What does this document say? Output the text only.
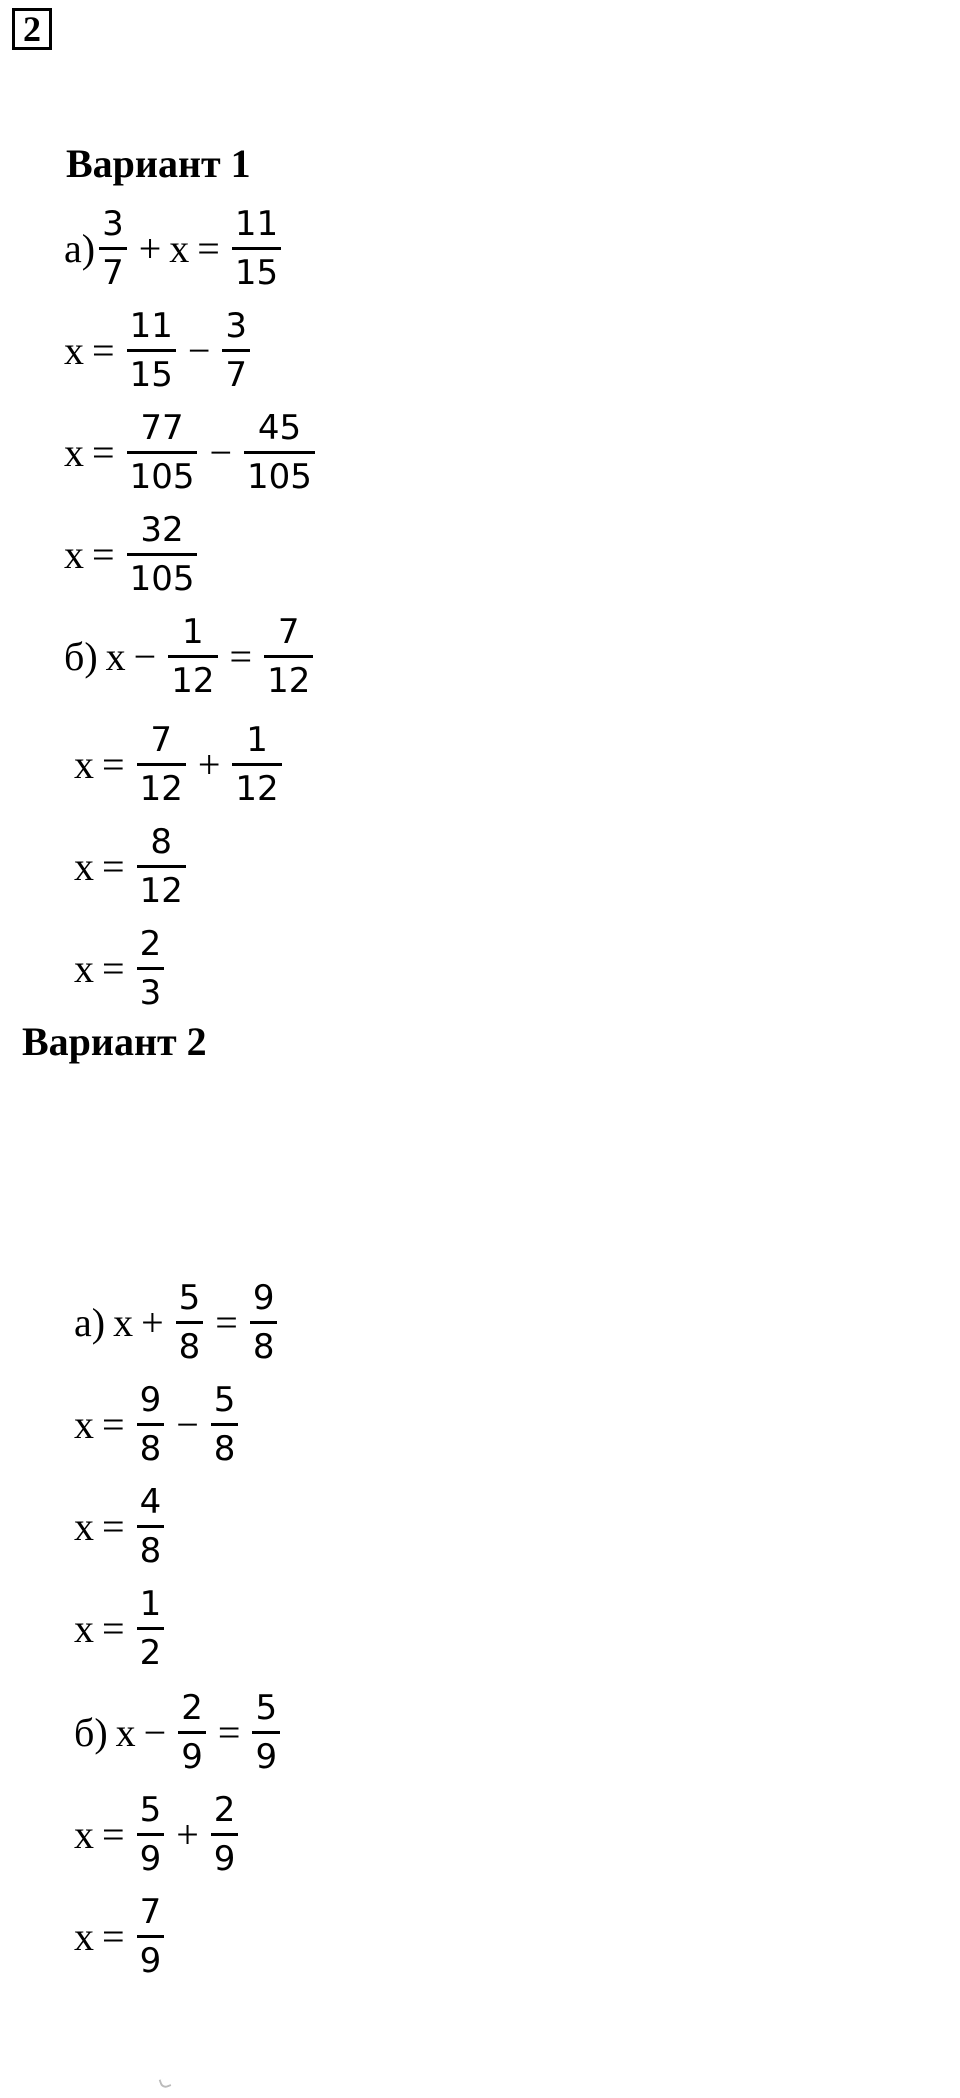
2
Вариант 1
$а) \frac{3}{7} + x = \frac{11}{15}$
$x = \frac{11}{15} - \frac{3}{7}$
$x = \frac{77}{105} - \frac{45}{105}$
$x = \frac{32}{105}$
б) $x - \frac{1}{12} = \frac{7}{12}$
$x = \frac{7}{12} + \frac{1}{12}$
$x = \frac{8}{12}$
$x = \frac{2}{3}$
Вариант 2
а) $x + \frac{5}{8} = \frac{9}{8}$
$x = \frac{9}{8} - \frac{5}{8}$
$x = \frac{4}{8}$
$x = \frac{1}{2}$
б) $x - \frac{2}{9} = \frac{5}{9}$
$x = \frac{5}{9} + \frac{2}{9}$
$x = \frac{7}{9}$
